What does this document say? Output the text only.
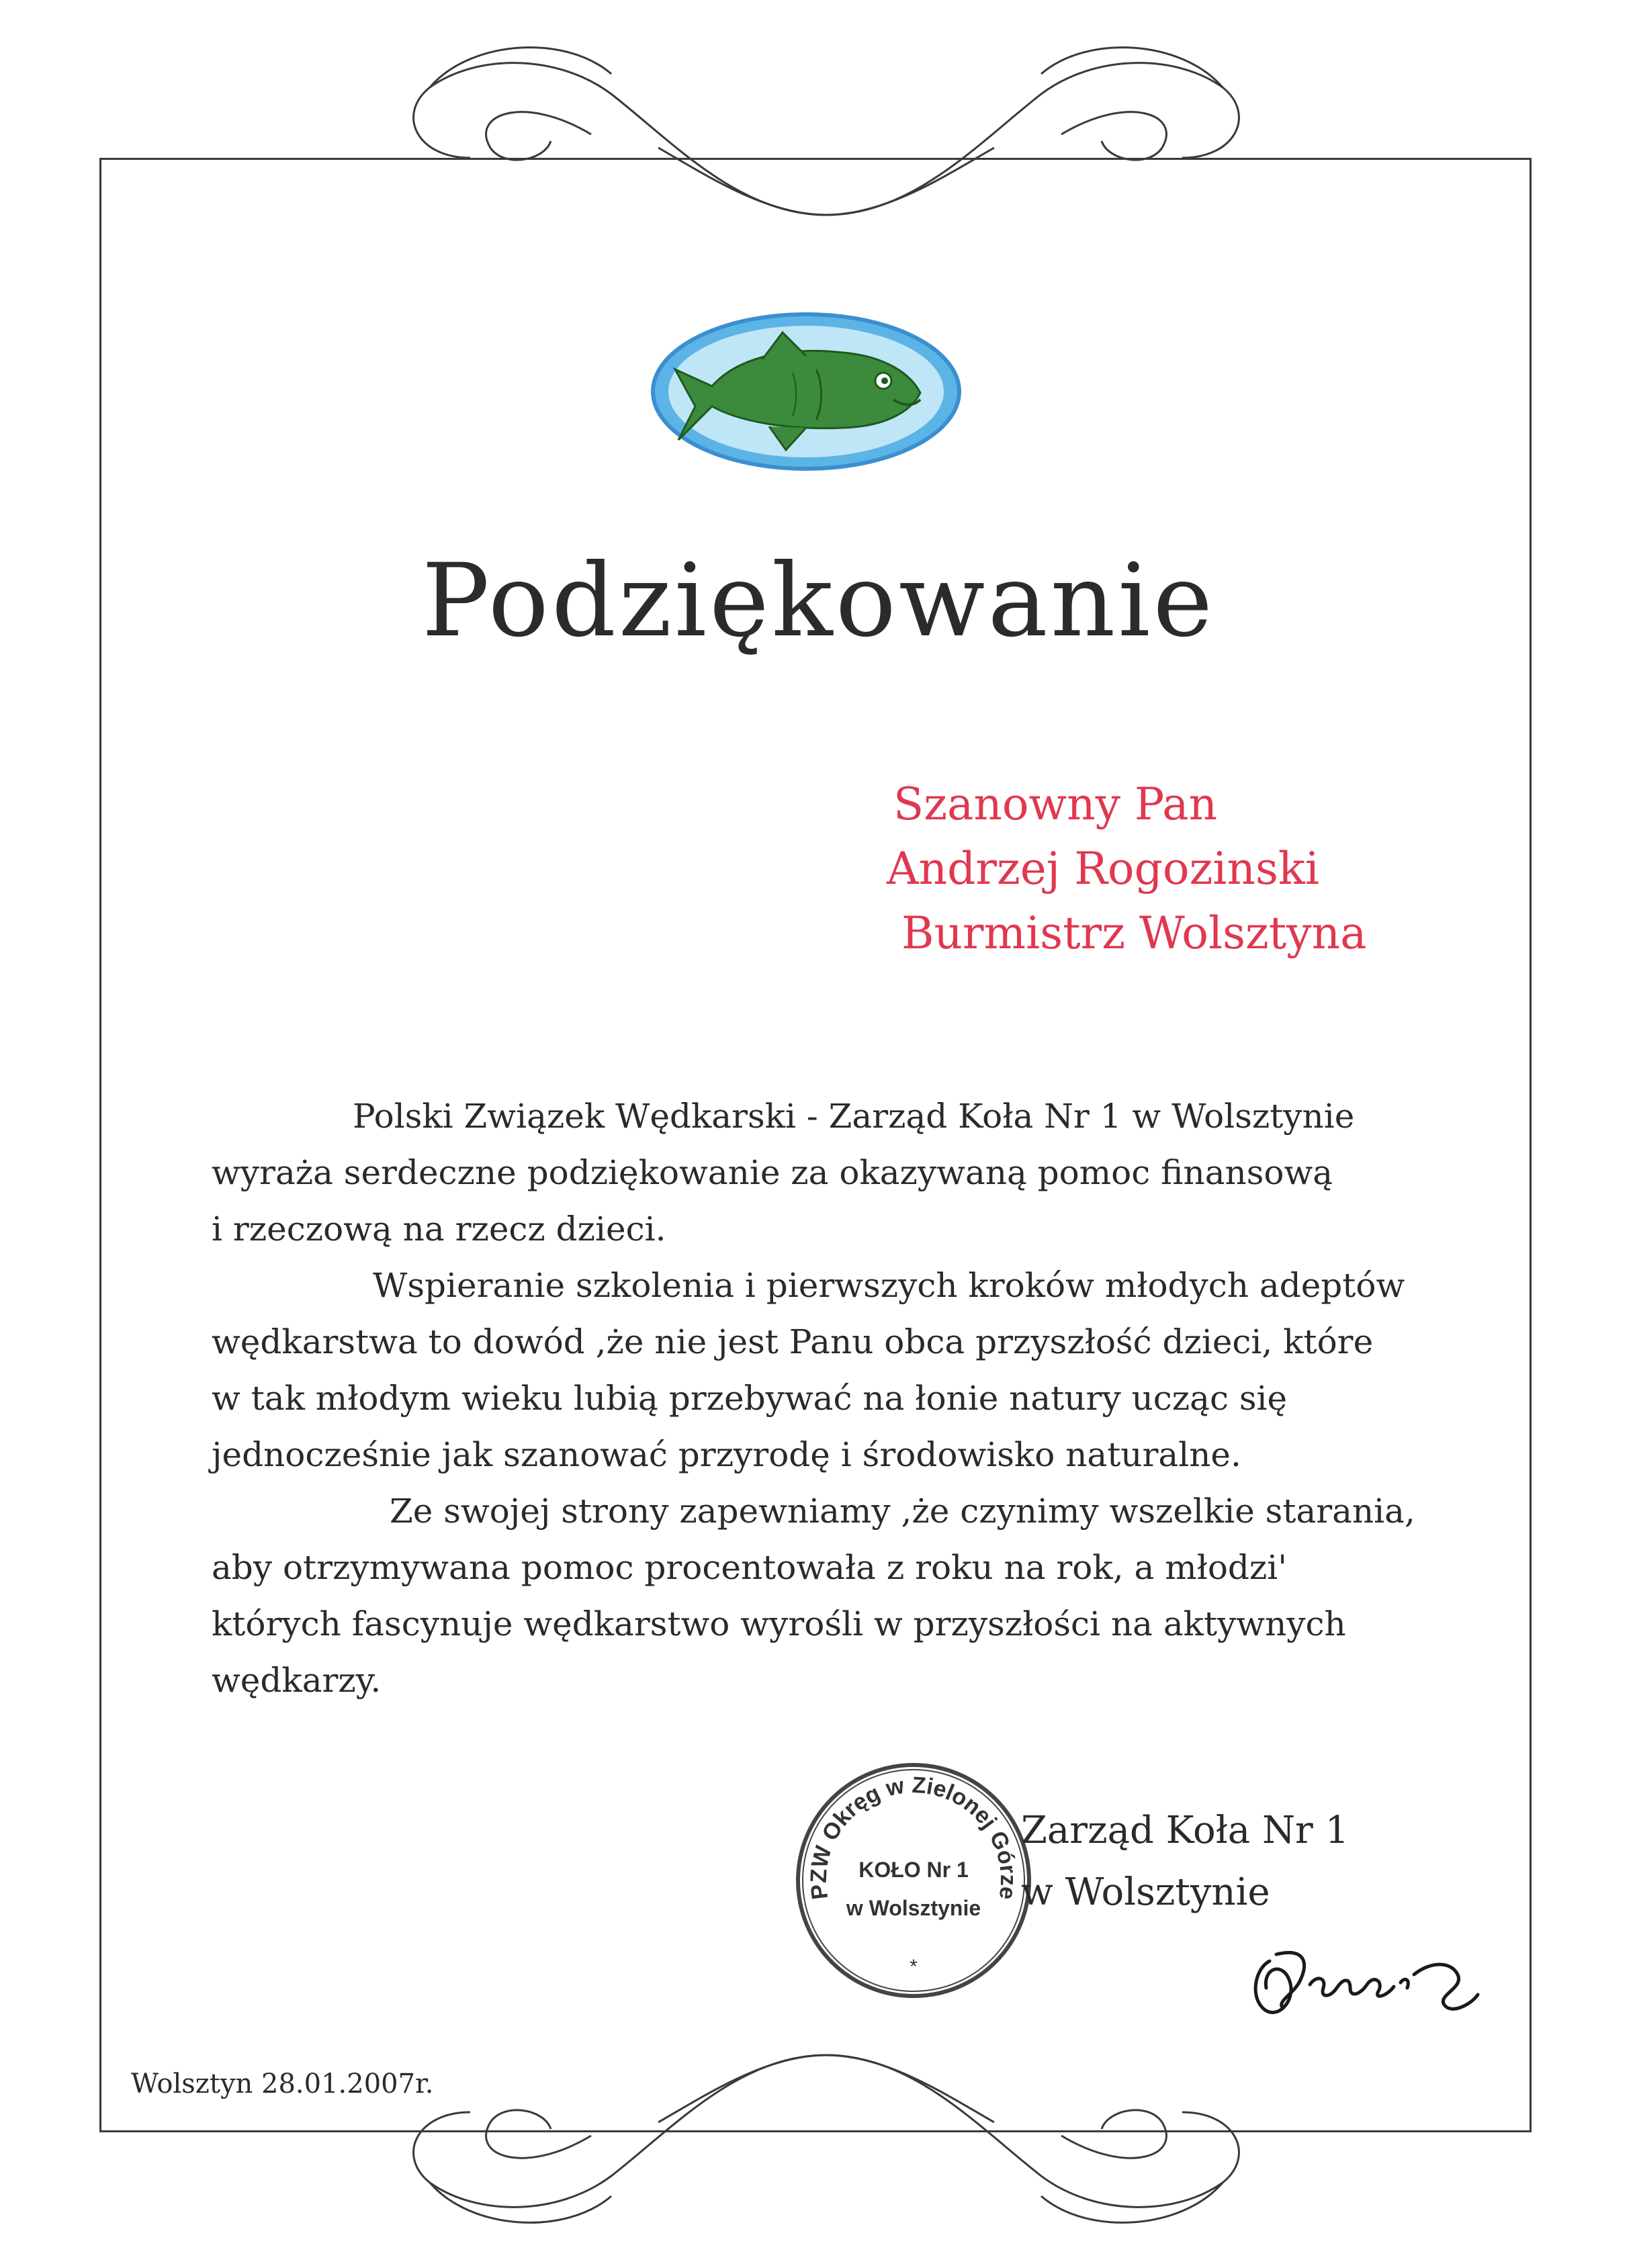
Podziękowanie
Szanowny Pan
Andrzej Rogozinski
Burmistrz Wolsztyna
Polski Związek Wędkarski - Zarząd Koła Nr 1 w Wolsztynie
wyraża serdeczne podziękowanie za okazywaną pomoc finansową
i rzeczową na rzecz dzieci.
Wspieranie szkolenia i pierwszych kroków młodych adeptów
wędkarstwa to dowód ,że nie jest Panu obca przyszłość dzieci, które
w tak młodym wieku lubią przebywać na łonie natury ucząc się
jednocześnie jak szanować przyrodę i środowisko naturalne.
Ze swojej strony zapewniamy ,że czynimy wszelkie starania,
aby otrzymywana pomoc procentowała z roku na rok, a młodzi'
których fascynuje wędkarstwo wyrośli w przyszłości na aktywnych
wędkarzy.
PZW Okręg w Zielonej Górze
KOŁO Nr 1
w Wolsztynie
*
Zarząd Koła Nr 1
w Wolsztynie
Wolsztyn 28.01.2007r.
